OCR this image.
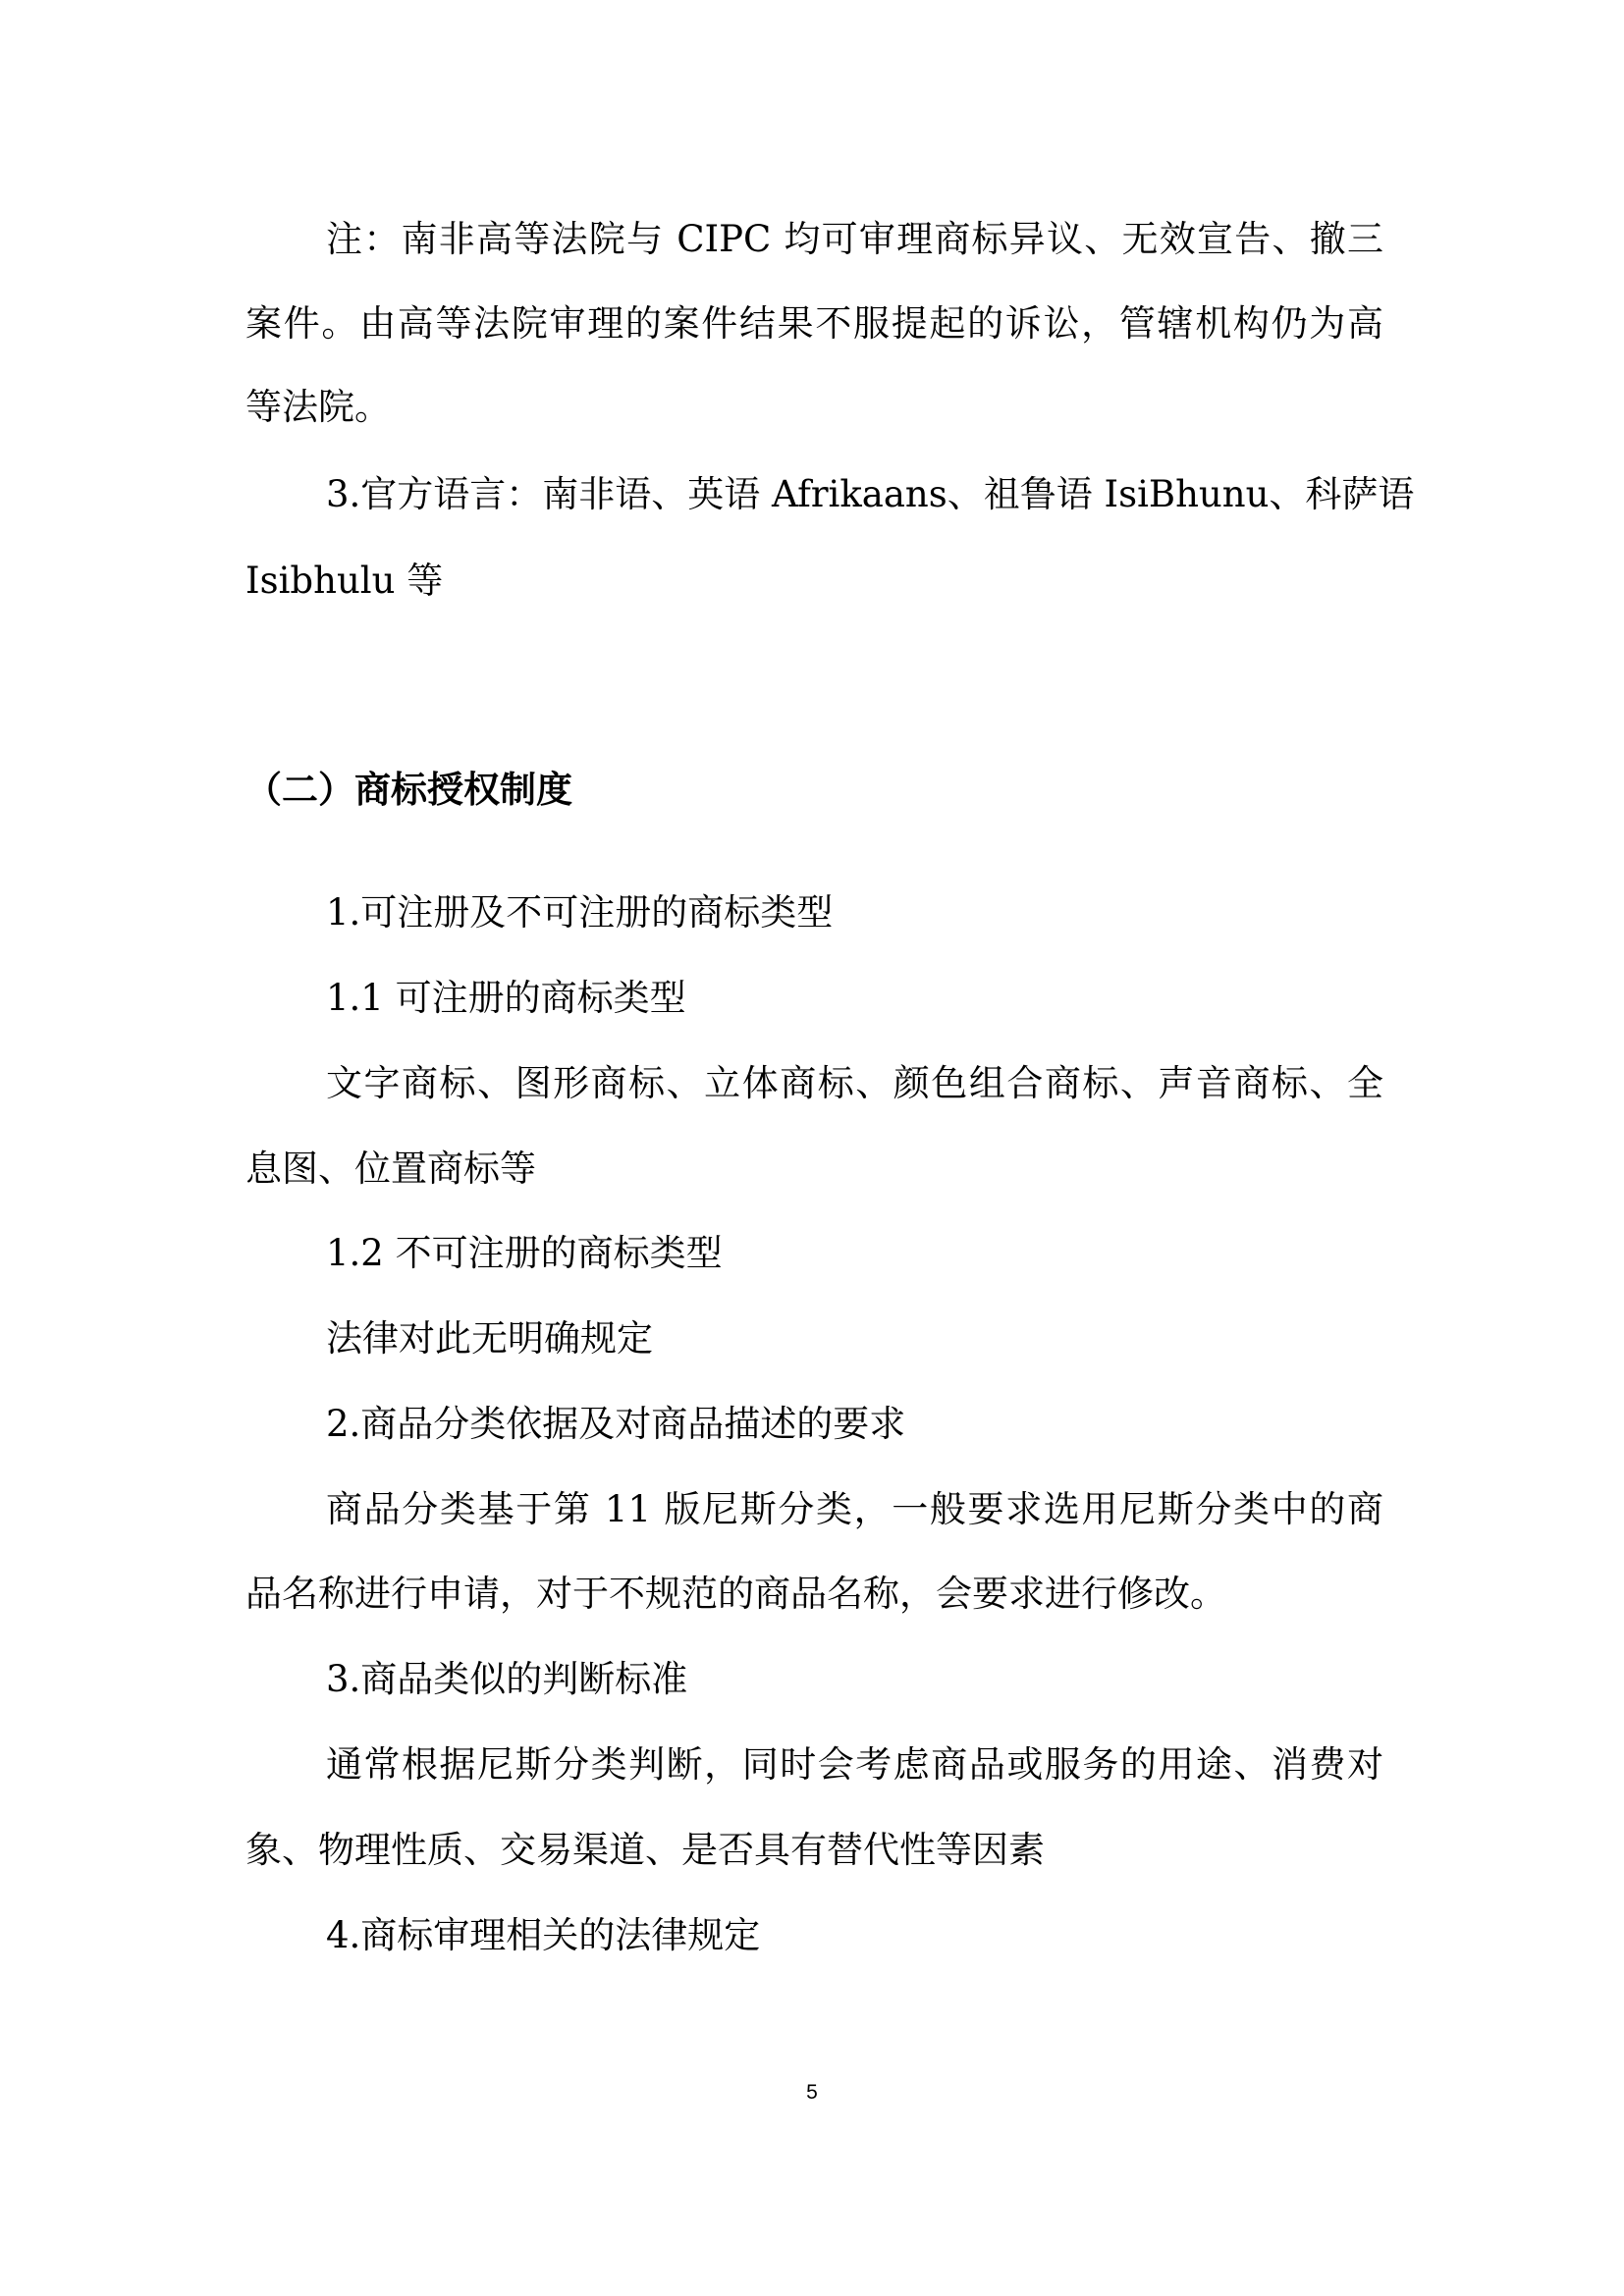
注：南非高等法院与 CIPC 均可审理商标异议、无效宣告、撤三

案件。由高等法院审理的案件结果不服提起的诉讼，管辖机构仍为高

等法院。

3.官方语言：南非语、英语 Afrikaans、祖鲁语 IsiBhunu、科萨语

Isibhulu 等

（二）商标授权制度

1.可注册及不可注册的商标类型

1.1 可注册的商标类型

文字商标、图形商标、立体商标、颜色组合商标、声音商标、全

息图、位置商标等

1.2 不可注册的商标类型

法律对此无明确规定

2.商品分类依据及对商品描述的要求

商品分类基于第 11 版尼斯分类，一般要求选用尼斯分类中的商

品名称进行申请，对于不规范的商品名称，会要求进行修改。

3.商品类似的判断标准

通常根据尼斯分类判断，同时会考虑商品或服务的用途、消费对

象、物理性质、交易渠道、是否具有替代性等因素

4.商标审理相关的法律规定

5
